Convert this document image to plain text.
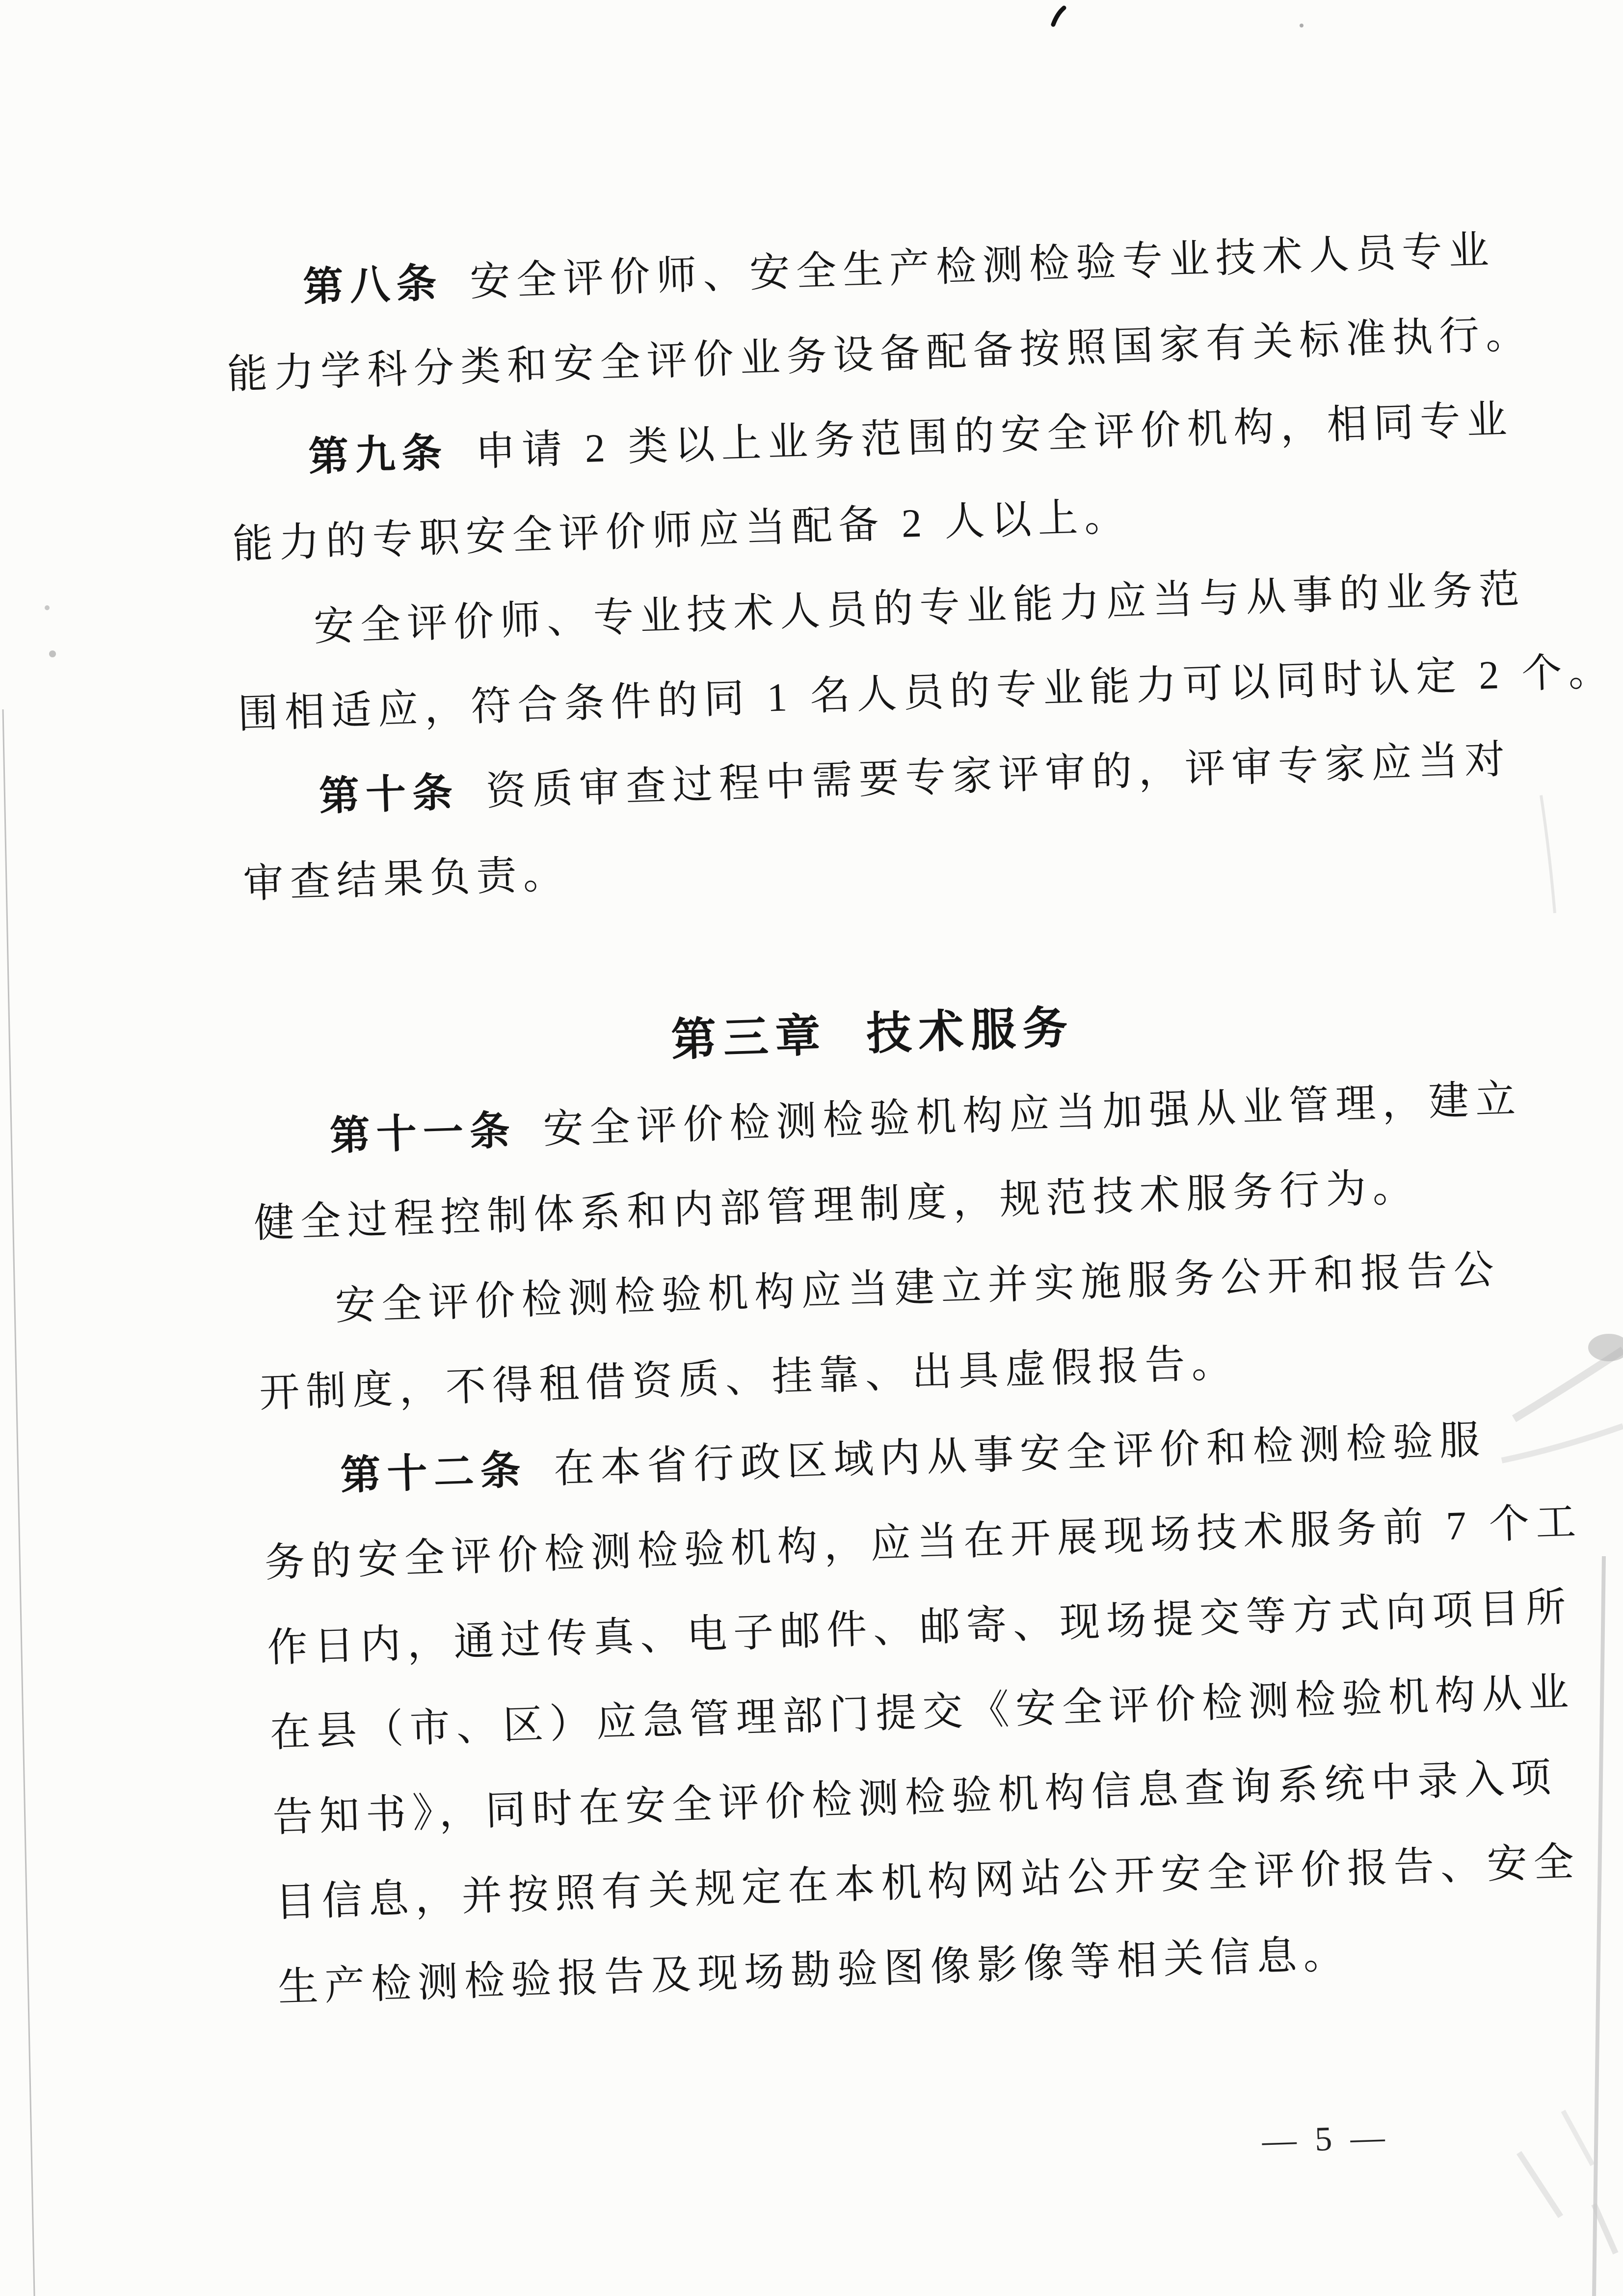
第八条 安全评价师、安全生产检测检验专业技术人员专业
能力学科分类和安全评价业务设备配备按照国家有关标准执行。
第九条 申请 2 类以上业务范围的安全评价机构，相同专业
能力的专职安全评价师应当配备 2 人以上。
安全评价师、专业技术人员的专业能力应当与从事的业务范
围相适应，符合条件的同 1 名人员的专业能力可以同时认定 2 个。
第十条 资质审查过程中需要专家评审的，评审专家应当对
审查结果负责。
第三章 技术服务
第十一条 安全评价检测检验机构应当加强从业管理，建立
健全过程控制体系和内部管理制度，规范技术服务行为。
安全评价检测检验机构应当建立并实施服务公开和报告公
开制度，不得租借资质、挂靠、出具虚假报告。
第十二条 在本省行政区域内从事安全评价和检测检验服
务的安全评价检测检验机构，应当在开展现场技术服务前 7 个工
作日内，通过传真、电子邮件、邮寄、现场提交等方式向项目所
在县（市、区）应急管理部门提交《安全评价检测检验机构从业
告知书》，同时在安全评价检测检验机构信息查询系统中录入项
目信息，并按照有关规定在本机构网站公开安全评价报告、安全
生产检测检验报告及现场勘验图像影像等相关信息。
— 5 —
